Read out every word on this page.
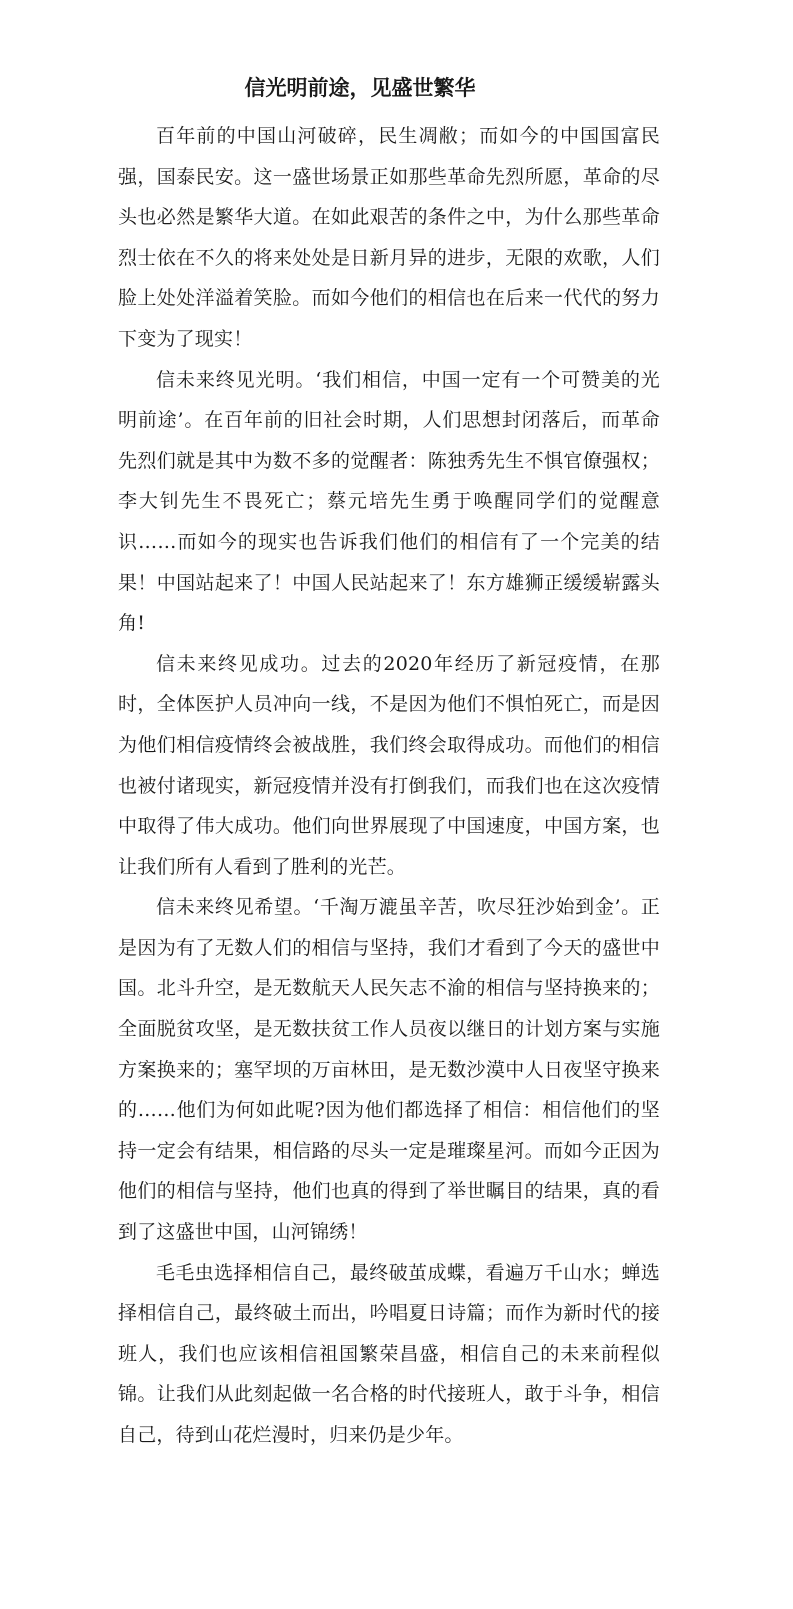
信光明前途，见盛世繁华

百年前的中国山河破碎，民生凋敝；而如今的中国国富民强，国泰民安。这一盛世场景正如那些革命先烈所愿，革命的尽头也必然是繁华大道。在如此艰苦的条件之中，为什么那些革命烈士依在不久的将来处处是日新月异的进步，无限的欢歌，人们脸上处处洋溢着笑脸。而如今他们的相信也在后来一代代的努力下变为了现实！

信未来终见光明。‘我们相信，中国一定有一个可赞美的光明前途’。在百年前的旧社会时期，人们思想封闭落后，而革命先烈们就是其中为数不多的觉醒者：陈独秀先生不惧官僚强权；李大钊先生不畏死亡；蔡元培先生勇于唤醒同学们的觉醒意识……而如今的现实也告诉我们他们的相信有了一个完美的结果！中国站起来了！中国人民站起来了！东方雄狮正缓缓崭露头角!

信未来终见成功。过去的2020年经历了新冠疫情，在那时，全体医护人员冲向一线，不是因为他们不惧怕死亡，而是因为他们相信疫情终会被战胜，我们终会取得成功。而他们的相信也被付诸现实，新冠疫情并没有打倒我们，而我们也在这次疫情中取得了伟大成功。他们向世界展现了中国速度，中国方案，也让我们所有人看到了胜利的光芒。

信未来终见希望。‘千淘万漉虽辛苦，吹尽狂沙始到金’。正是因为有了无数人们的相信与坚持，我们才看到了今天的盛世中国。北斗升空，是无数航天人民矢志不渝的相信与坚持换来的；全面脱贫攻坚，是无数扶贫工作人员夜以继日的计划方案与实施方案换来的；塞罕坝的万亩林田，是无数沙漠中人日夜坚守换来的……他们为何如此呢?因为他们都选择了相信：相信他们的坚持一定会有结果，相信路的尽头一定是璀璨星河。而如今正因为他们的相信与坚持，他们也真的得到了举世瞩目的结果，真的看到了这盛世中国，山河锦绣！

毛毛虫选择相信自己，最终破茧成蝶，看遍万千山水；蝉选择相信自己，最终破土而出，吟唱夏日诗篇；而作为新时代的接班人，我们也应该相信祖国繁荣昌盛，相信自己的未来前程似锦。让我们从此刻起做一名合格的时代接班人，敢于斗争，相信自己，待到山花烂漫时，归来仍是少年。
